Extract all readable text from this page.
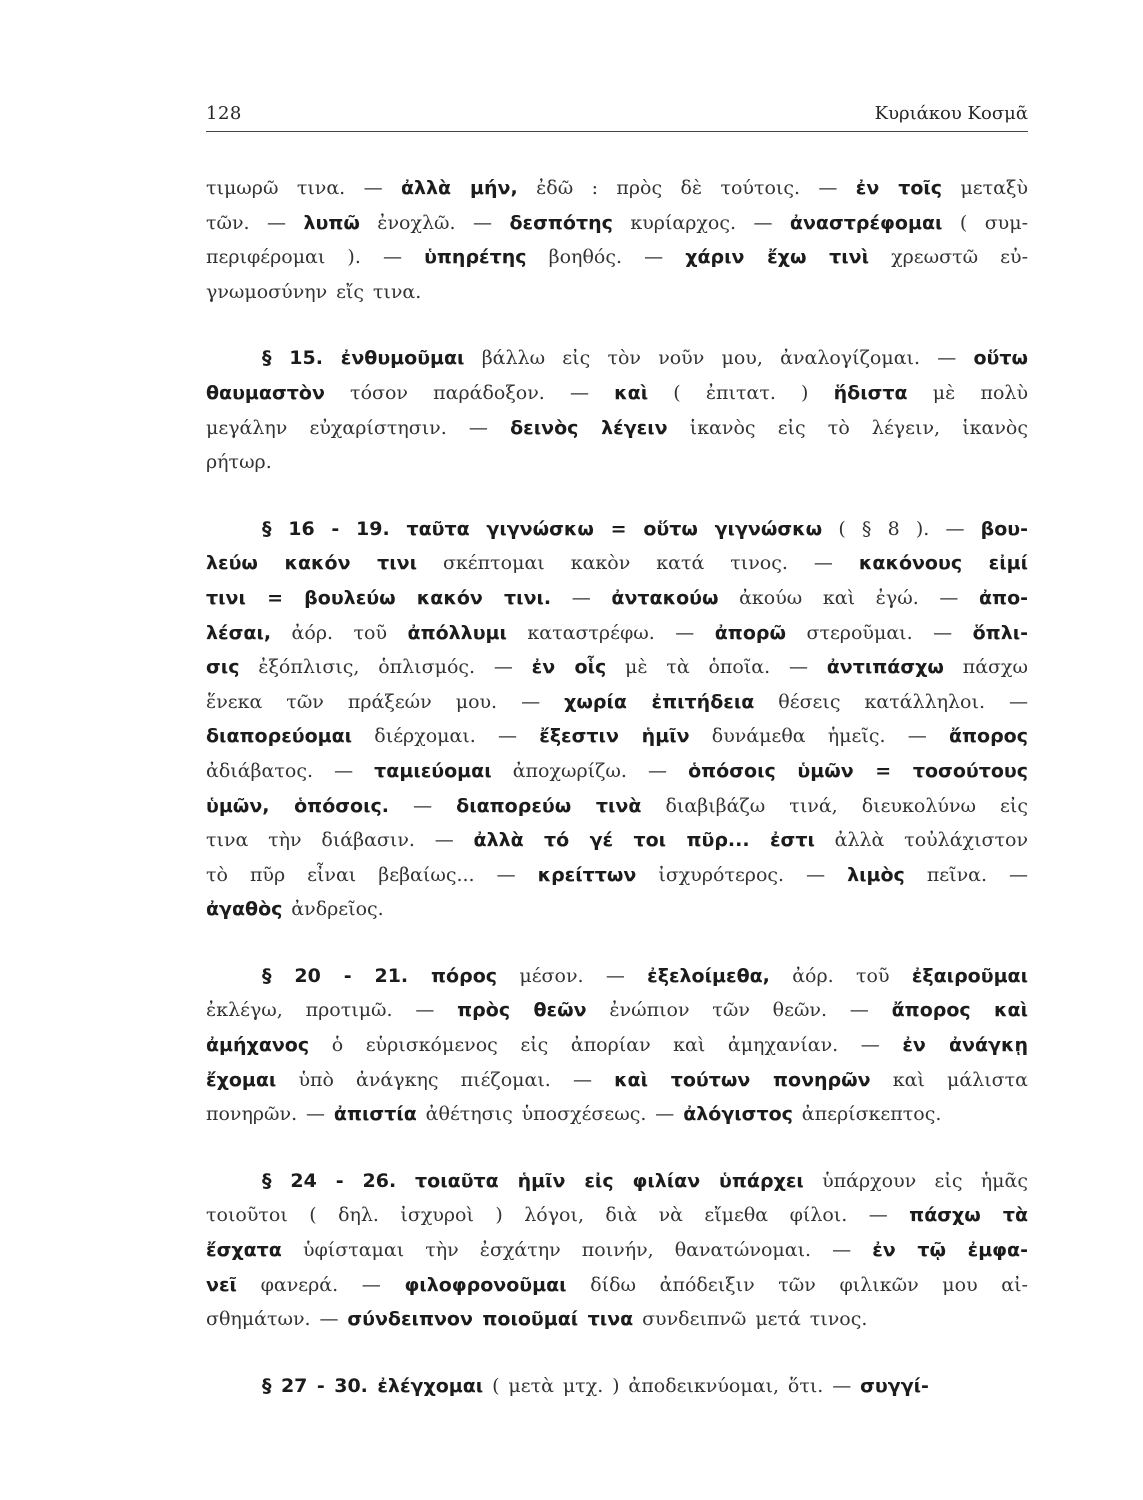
128	Κυριάκου Κοσμᾶ
τιμωρῶ τινα. — ἀλλὰ μήν, ἐδῶ : πρὸς δὲ τούτοις. — ἐν τοῖς μεταξὺ
τῶν. — λυπῶ ἐνοχλῶ. — δεσπότης κυρίαρχος. — ἀναστρέφομαι ( συμ-
περιφέρομαι ). — ὑπηρέτης βοηθός. — χάριν ἔχω τινὶ χρεωστῶ εὐ-
γνωμοσύνην εἴς τινα.
§ 15. ἐνθυμοῦμαι βάλλω εἰς τὸν νοῦν μου, ἀναλογίζομαι. — οὕτω
θαυμαστὸν τόσον παράδοξον. — καὶ ( ἐπιτατ. ) ἥδιστα μὲ πολὺ
μεγάλην εὐχαρίστησιν. — δεινὸς λέγειν ἱκανὸς εἰς τὸ λέγειν, ἱκανὸς
ρήτωρ.
§ 16 - 19. ταῦτα γιγνώσκω = οὕτω γιγνώσκω ( § 8 ). — βου-
λεύω κακόν τινι σκέπτομαι κακὸν κατά τινος. — κακόνους εἰμί
τινι = βουλεύω κακόν τινι. — ἀντακούω ἀκούω καὶ ἐγώ. — ἀπο-
λέσαι, ἀόρ. τοῦ ἀπόλλυμι καταστρέφω. — ἀπορῶ στεροῦμαι. — ὅπλι-
σις ἐξόπλισις, ὁπλισμός. — ἐν οἷς μὲ τὰ ὁποῖα. — ἀντιπάσχω πάσχω
ἕνεκα τῶν πράξεών μου. — χωρία ἐπιτήδεια θέσεις κατάλληλοι. —
διαπορεύομαι διέρχομαι. — ἔξεστιν ἡμῖν δυνάμεθα ἡμεῖς. — ἄπορος
ἀδιάβατος. — ταμιεύομαι ἀποχωρίζω. — ὁπόσοις ὑμῶν = τοσούτους
ὑμῶν, ὁπόσοις. — διαπορεύω τινὰ διαβιβάζω τινά, διευκολύνω εἰς
τινα τὴν διάβασιν. — ἀλλὰ τό γέ τοι πῦρ... ἐστι ἀλλὰ τοὐλάχιστον
τὸ πῦρ εἶναι βεβαίως... — κρείττων ἰσχυρότερος. — λιμὸς πεῖνα. —
ἀγαθὸς ἀνδρεῖος.
§ 20 - 21. πόρος μέσον. — ἐξελοίμεθα, ἀόρ. τοῦ ἐξαιροῦμαι
ἐκλέγω, προτιμῶ. — πρὸς θεῶν ἐνώπιον τῶν θεῶν. — ἄπορος καὶ
ἀμήχανος ὁ εὑρισκόμενος εἰς ἀπορίαν καὶ ἀμηχανίαν. — ἐν ἀνάγκῃ
ἔχομαι ὑπὸ ἀνάγκης πιέζομαι. — καὶ τούτων πονηρῶν καὶ μάλιστα
πονηρῶν. — ἀπιστία ἀθέτησις ὑποσχέσεως. — ἀλόγιστος ἀπερίσκεπτος.
§ 24 - 26. τοιαῦτα ἡμῖν εἰς φιλίαν ὑπάρχει ὑπάρχουν εἰς ἡμᾶς
τοιοῦτοι ( δηλ. ἰσχυροὶ ) λόγοι, διὰ νὰ εἴμεθα φίλοι. — πάσχω τὰ
ἔσχατα ὑφίσταμαι τὴν ἐσχάτην ποινήν, θανατώνομαι. — ἐν τῷ ἐμφα-
νεῖ φανερά. — φιλοφρονοῦμαι δίδω ἀπόδειξιν τῶν φιλικῶν μου αἰ-
σθημάτων. — σύνδειπνον ποιοῦμαί τινα συνδειπνῶ μετά τινος.
§ 27 - 30. ἐλέγχομαι ( μετὰ μτχ. ) ἀποδεικνύομαι, ὅτι. — συγγί-
